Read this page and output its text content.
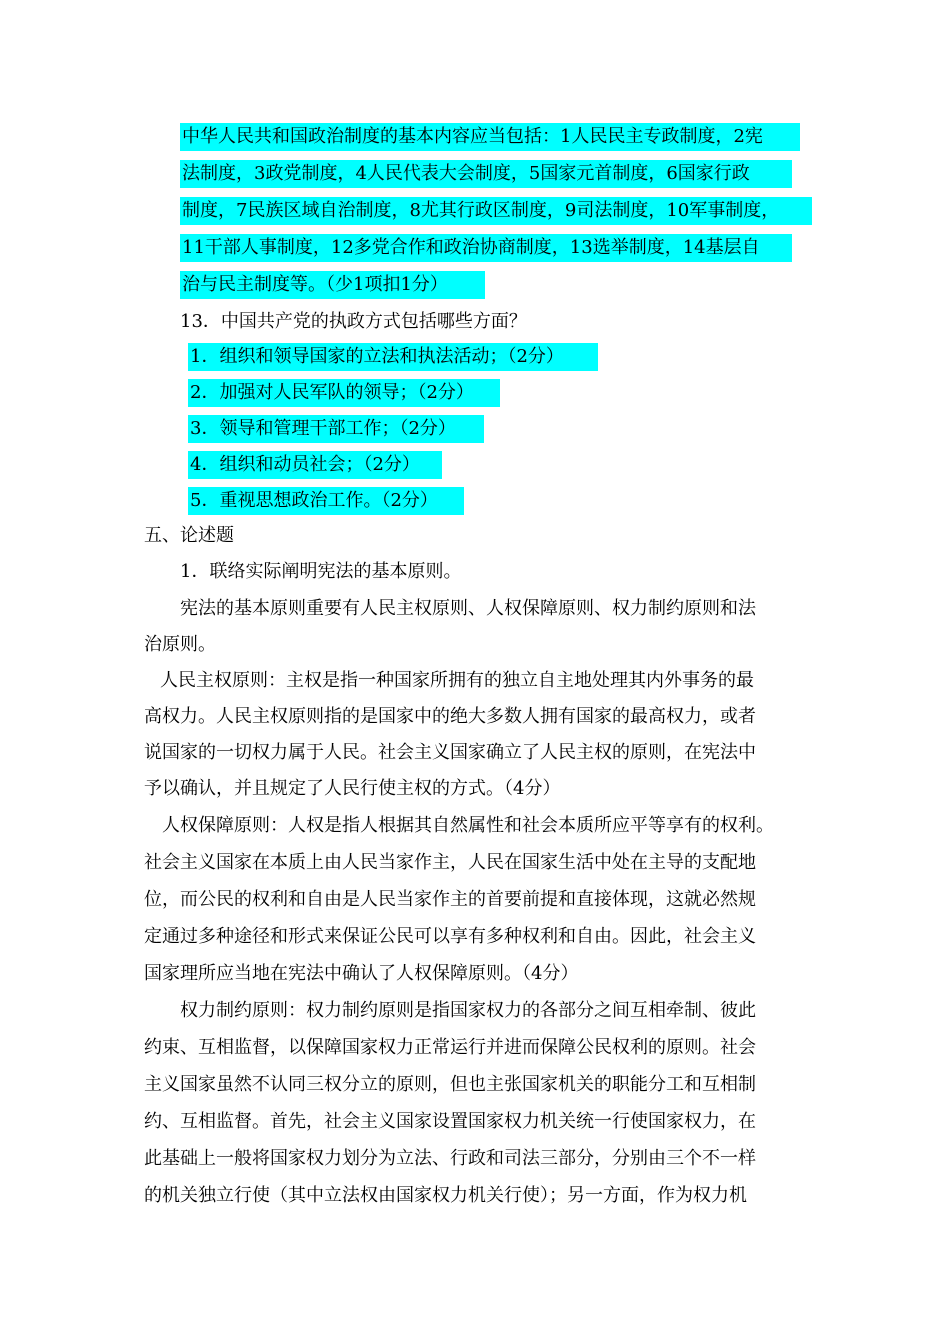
中华人民共和国政治制度的基本内容应当包括：1人民民主专政制度，2宪
法制度，3政党制度，4人民代表大会制度，5国家元首制度，6国家行政
制度，7民族区域自治制度，8尤其行政区制度，9司法制度，10军事制度，
11干部人事制度，12多党合作和政治协商制度，13选举制度，14基层自
治与民主制度等。（少1项扣1分）
13．中国共产党的执政方式包括哪些方面？
1．组织和领导国家的立法和执法活动；（2分）
2．加强对人民军队的领导；（2分）
3．领导和管理干部工作；（2分）
4．组织和动员社会；（2分）
5．重视思想政治工作。（2分）
五、论述题
1．联络实际阐明宪法的基本原则。
宪法的基本原则重要有人民主权原则、人权保障原则、权力制约原则和法
治原则。
人民主权原则：主权是指一种国家所拥有的独立自主地处理其内外事务的最
高权力。人民主权原则指的是国家中的绝大多数人拥有国家的最高权力，或者
说国家的一切权力属于人民。社会主义国家确立了人民主权的原则，在宪法中
予以确认，并且规定了人民行使主权的方式。（4分）
人权保障原则：人权是指人根据其自然属性和社会本质所应平等享有的权利。
社会主义国家在本质上由人民当家作主，人民在国家生活中处在主导的支配地
位，而公民的权利和自由是人民当家作主的首要前提和直接体现，这就必然规
定通过多种途径和形式来保证公民可以享有多种权利和自由。因此，社会主义
国家理所应当地在宪法中确认了人权保障原则。（4分）
权力制约原则：权力制约原则是指国家权力的各部分之间互相牵制、彼此
约束、互相监督，以保障国家权力正常运行并进而保障公民权利的原则。社会
主义国家虽然不认同三权分立的原则，但也主张国家机关的职能分工和互相制
约、互相监督。首先，社会主义国家设置国家权力机关统一行使国家权力，在
此基础上一般将国家权力划分为立法、行政和司法三部分，分别由三个不一样
的机关独立行使（其中立法权由国家权力机关行使）；另一方面，作为权力机
